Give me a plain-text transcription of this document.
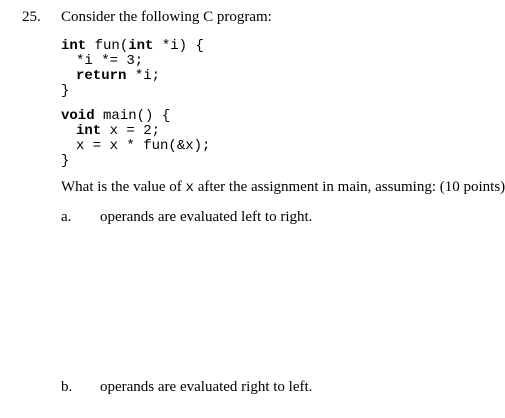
25. Consider the following C program:
int fun(int *i) {
*i *= 3;
return *i;
}
void main() {
int x = 2;
x = x * fun(&x);
}
What is the value of x after the assignment in main, assuming: (10 points)
a. operands are evaluated left to right.
b. operands are evaluated right to left.
